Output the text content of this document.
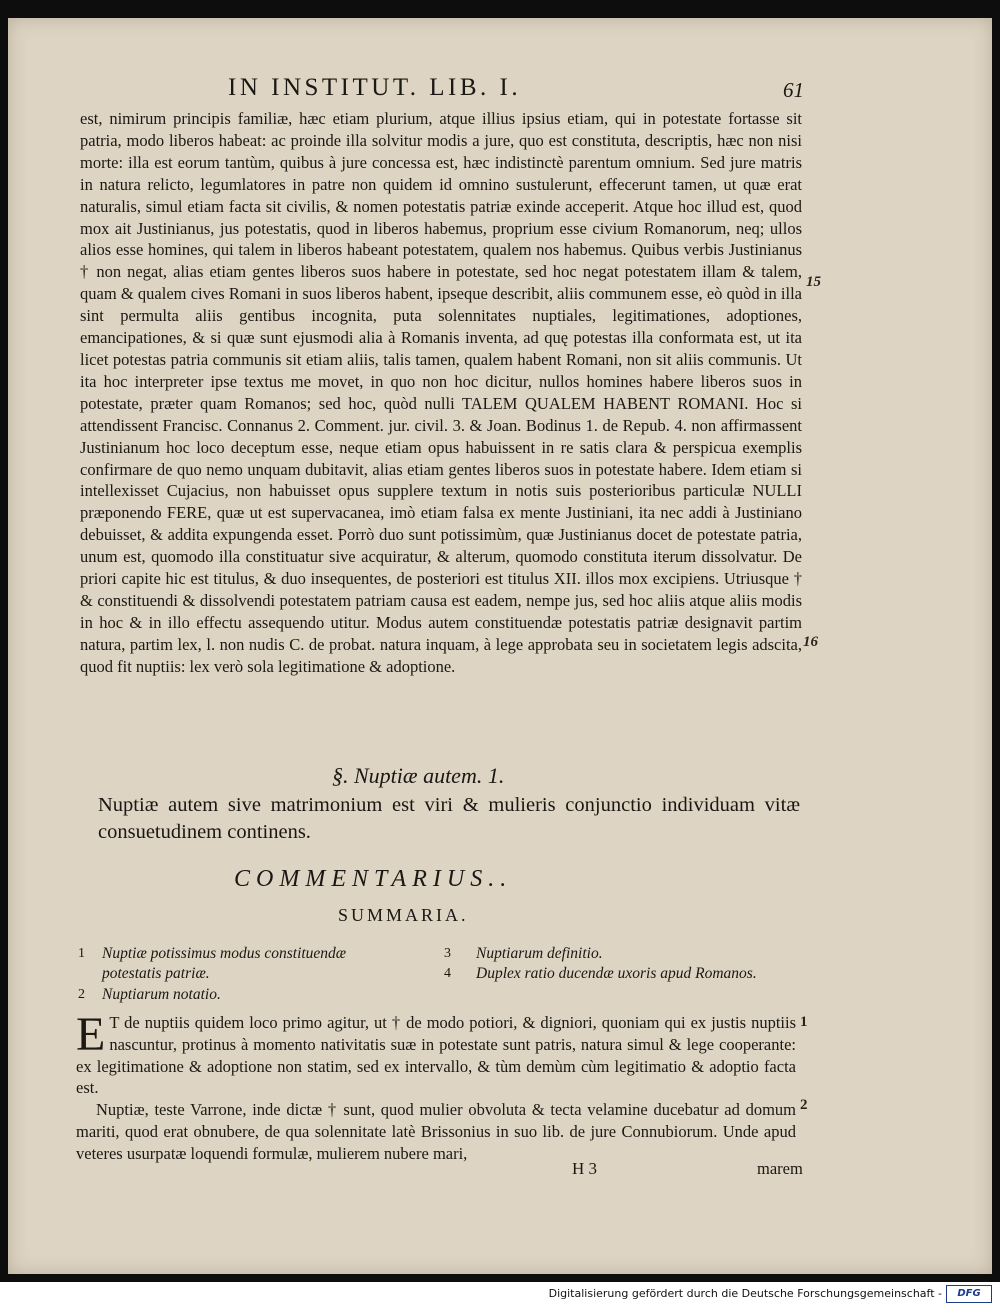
IN INSTITUT. LIB. I.	61

est, nimirum principis familiæ, hæc etiam plurium, atque illius ipsius etiam, qui in potestate fortasse sit patria, modo liberos habeat: ac proinde illa solvitur modis a jure, quo est constituta, descriptis, hæc non nisi morte: illa est eorum tantùm, quibus à jure concessa est, hæc indistinctè parentum omnium. Sed jure matris in natura relicto, legumlatores in patre non quidem id omnino sustulerunt, effecerunt tamen, ut quæ erat naturalis, simul etiam facta sit civilis, & nomen potestatis patriæ exinde acceperit. Atque hoc illud est, quod mox ait Justinianus, jus potestatis, quod in liberos habemus, proprium esse civium Romanorum, neq; ullos alios esse homines, qui talem in liberos habeant potestatem, qualem nos habemus. Quibus verbis Justinianus † non negat, alias etiam gentes liberos suos habere in potestate, sed hoc negat potestatem illam & talem, quam & qualem cives Romani in suos liberos habent, ipseque describit, aliis communem esse, eò quòd in illa sint permulta aliis gentibus incognita, puta solennitates nuptiales, legitimationes, adoptiones, emancipationes, & si quæ sunt ejusmodi alia à Romanis inventa, ad quę potestas illa conformata est, ut ita licet potestas patria communis sit etiam aliis, talis tamen, qualem habent Romani, non sit aliis communis. Ut ita hoc interpreter ipse textus me movet, in quo non hoc dicitur, nullos homines habere liberos suos in potestate, præter quam Romanos; sed hoc, quòd nulli TALEM QUALEM HABENT ROMANI. Hoc si attendissent Francisc. Connanus 2. Comment. jur. civil. 3. & Joan. Bodinus 1. de Repub. 4. non affirmassent Justinianum hoc loco deceptum esse, neque etiam opus habuissent in re satis clara & perspicua exemplis confirmare de quo nemo unquam dubitavit, alias etiam gentes liberos suos in potestate habere. Idem etiam si intellexisset Cujacius, non habuisset opus supplere textum in notis suis posterioribus particulæ NULLI præponendo FERE, quæ ut est supervacanea, imò etiam falsa ex mente Justiniani, ita nec addi à Justiniano debuisset, & addita expungenda esset. Porrò duo sunt potissimùm, quæ Justinianus docet de potestate patria, unum est, quomodo illa constituatur sive acquiratur, & alterum, quomodo constituta iterum dissolvatur. De priori capite hic est titulus, & duo insequentes, de posteriori est titulus XII. illos mox excipiens. Utriusque † & constituendi & dissolvendi potestatem patriam causa est eadem, nempe jus, sed hoc aliis atque aliis modis in hoc & in illo effectu assequendo utitur. Modus autem constituendæ potestatis patriæ designavit partim natura, partim lex, l. non nudis C. de probat. natura inquam, à lege approbata seu in societatem legis adscita, quod fit nuptiis: lex verò sola legitimatione & adoptione.

15
16
§. Nuptiæ autem. 1.

Nuptiæ autem sive matrimonium est viri & mulieris conjunctio individuam vitæ consuetudinem continens.

COMMENTARIUS..
SUMMARIA.
1 Nuptiæ potissimus modus constituendæ potestatis patriæ.
2 Nuptiarum notatio.
3 Nuptiarum definitio.
4 Duplex ratio ducendæ uxoris apud Romanos.

E T de nuptiis quidem loco primo agitur, ut † de modo potiori, & digniori, quoniam qui ex justis nuptiis nascuntur, protinus à momento nativitatis suæ in potestate sunt patris, natura simul & lege cooperante: ex legitimatione & adoptione non statim, sed ex intervallo, & tùm demùm cùm legitimatio & adoptio facta est.

Nuptiæ, teste Varrone, inde dictæ † sunt, quod mulier obvoluta & tecta velamine ducebatur ad domum mariti, quod erat obnubere, de qua solennitate latè Brissonius in suo lib. de jure Connubiorum. Unde apud veteres usurpatæ loquendi formulæ, mulierem nubere mari,

1
2
H 3	marem
Digitalisierung gefördert durch die Deutsche Forschungsgemeinschaft -	DFG
